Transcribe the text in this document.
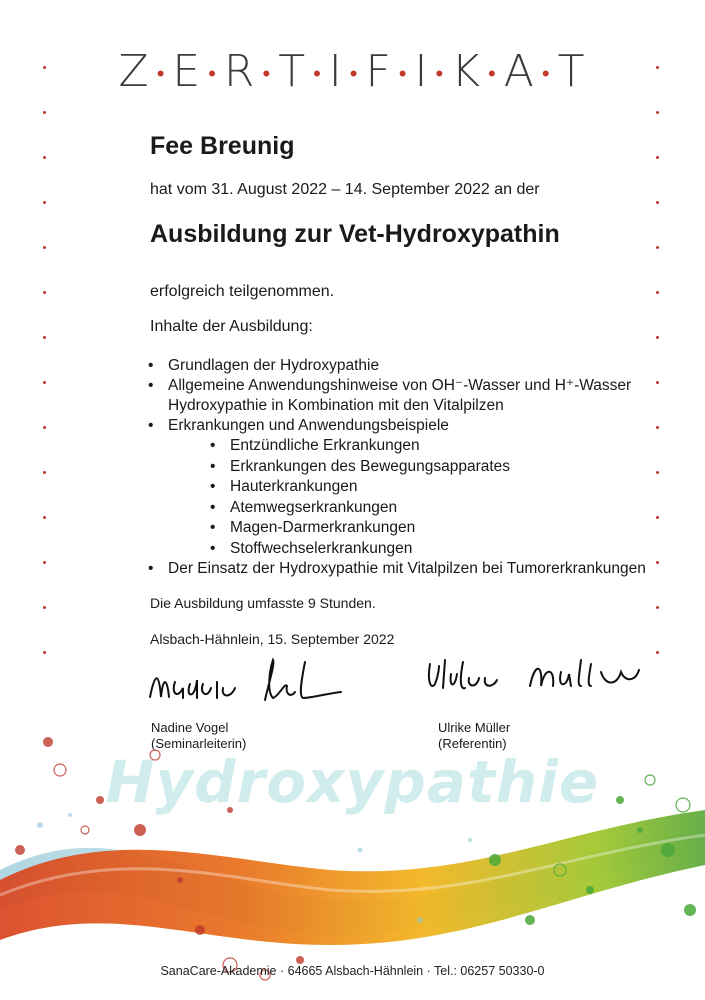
Z • E • R • T • I • F • I • K • A • T
Fee Breunig
hat vom 31. August 2022 – 14. September 2022 an der
Ausbildung zur Vet-Hydroxypathin
erfolgreich teilgenommen.
Inhalte der Ausbildung:
• Grundlagen der Hydroxypathie
• Allgemeine Anwendungshinweise von OH⁻-Wasser und H⁺-Wasser Hydroxypathie in Kombination mit den Vitalpilzen
• Erkrankungen und Anwendungsbeispiele
• Entzündliche Erkrankungen
• Erkrankungen des Bewegungsapparates
• Hauterkrankungen
• Atemwegserkrankungen
• Magen-Darmerkrankungen
• Stoffwechselerkrankungen
• Der Einsatz der Hydroxypathie mit Vitalpilzen bei Tumorerkrankungen
Die Ausbildung umfasste 9 Stunden.
Alsbach-Hähnlein, 15. September 2022
Nadine Vogel
(Seminarleiterin)
Ulrike Müller
(Referentin)
Hydroxypathie
SanaCare-Akademie · 64665 Alsbach-Hähnlein · Tel.: 06257 50330-0
